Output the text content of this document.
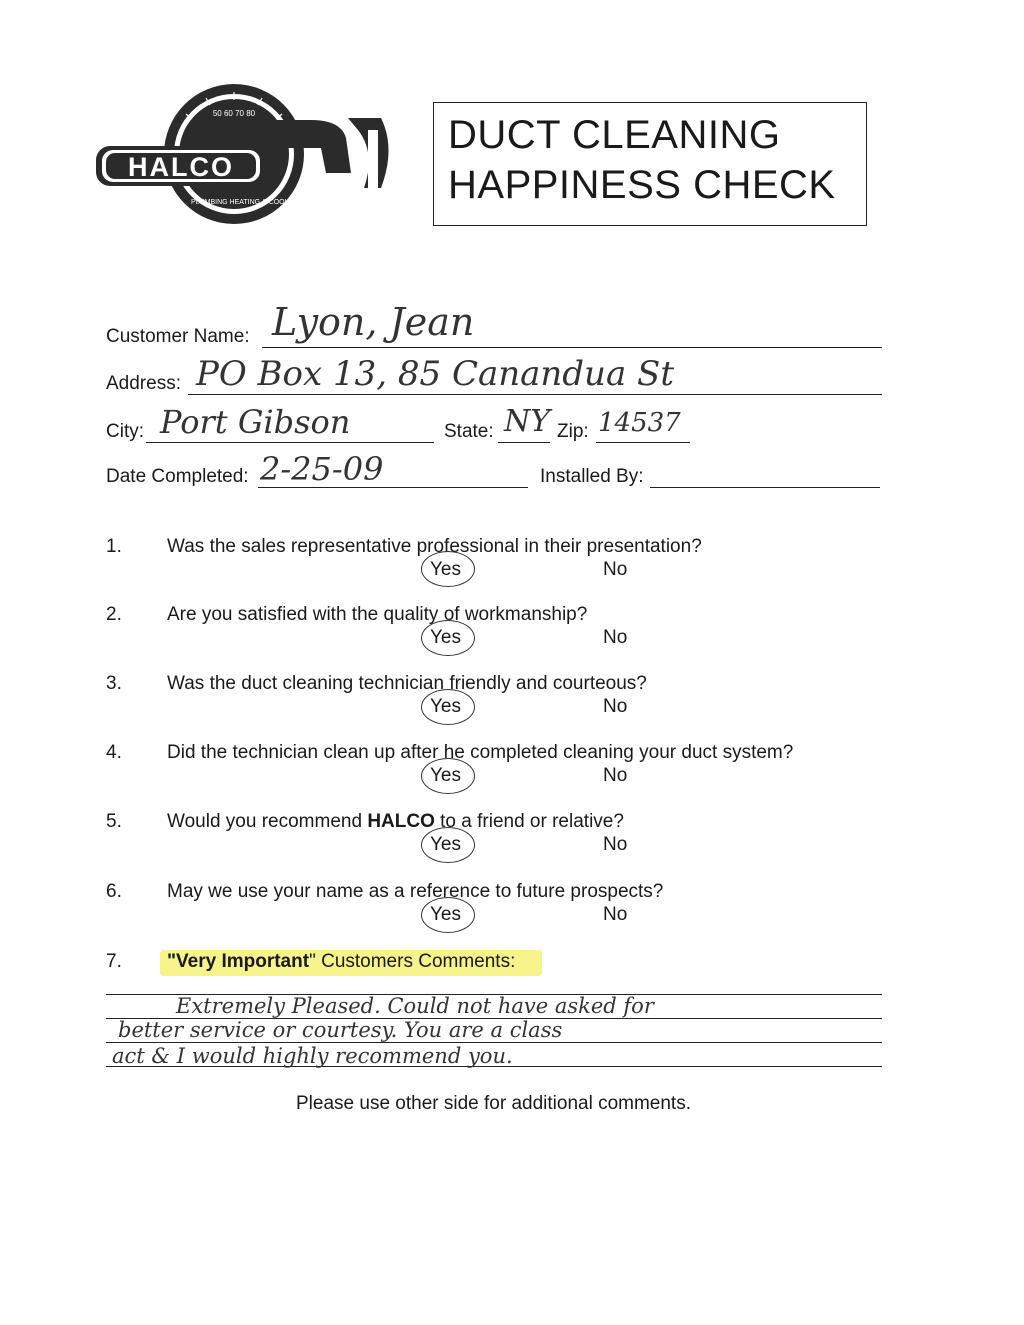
HALCO
50 60 70 80
PLUMBING HEATING & COOLING
DUCT CLEANING
HAPPINESS CHECK
Customer Name: Lyon, Jean
Address: PO Box 13, 85 Canandua St
City: Port Gibson	State: NY Zip: 14537
Date Completed: 2-25-09	Installed By:
1. Was the sales representative professional in their presentation?
Yes	No
2. Are you satisfied with the quality of workmanship?
Yes	No
3. Was the duct cleaning technician friendly and courteous?
Yes	No
4. Did the technician clean up after he completed cleaning your duct system?
Yes	No
5. Would you recommend HALCO to a friend or relative?
Yes	No
6. May we use your name as a reference to future prospects?
Yes	No
7. "Very Important" Customers Comments:
Extremely Pleased. Could not have asked for
better service or courtesy. You are a class
act & I would highly recommend you.
Please use other side for additional comments.
